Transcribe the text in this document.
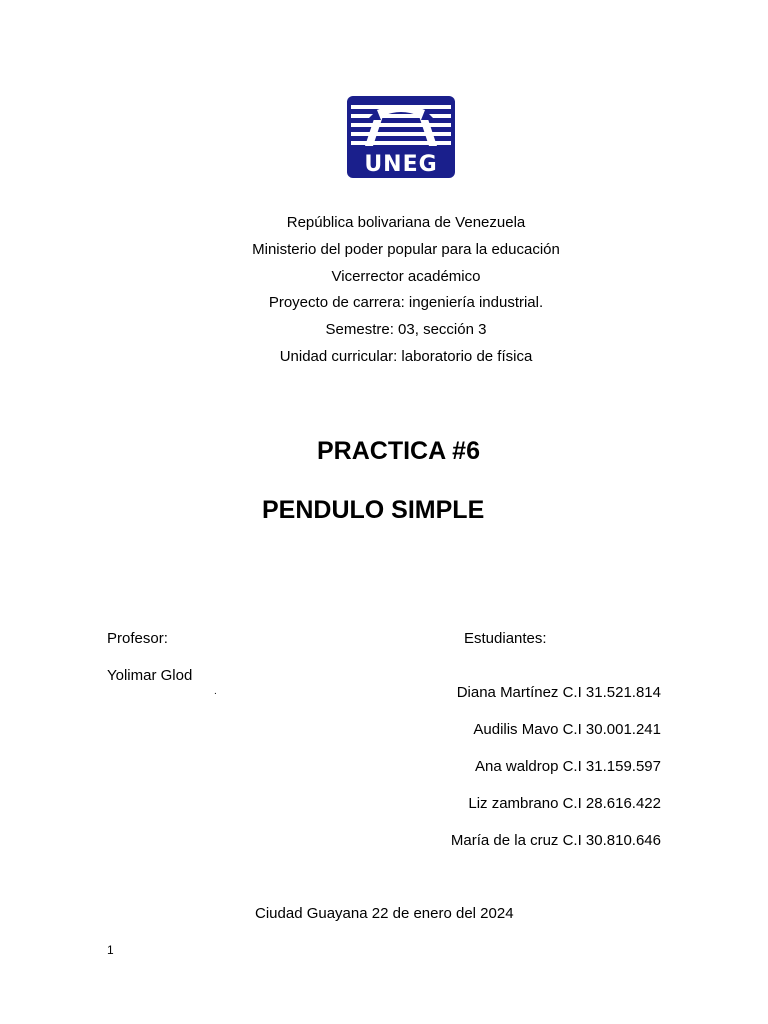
UNEG
República bolivariana de Venezuela
Ministerio del poder popular para la educación
Vicerrector académico
Proyecto de carrera: ingeniería industrial.
Semestre: 03, sección 3
Unidad curricular: laboratorio de física
PRACTICA #6
PENDULO SIMPLE
Profesor:
Yolimar Glod
.
Estudiantes:
Diana Martínez C.I 31.521.814
Audilis Mavo C.I 30.001.241
Ana waldrop C.I 31.159.597
Liz zambrano C.I 28.616.422
María de la cruz C.I 30.810.646
Ciudad Guayana 22 de enero del 2024
1
